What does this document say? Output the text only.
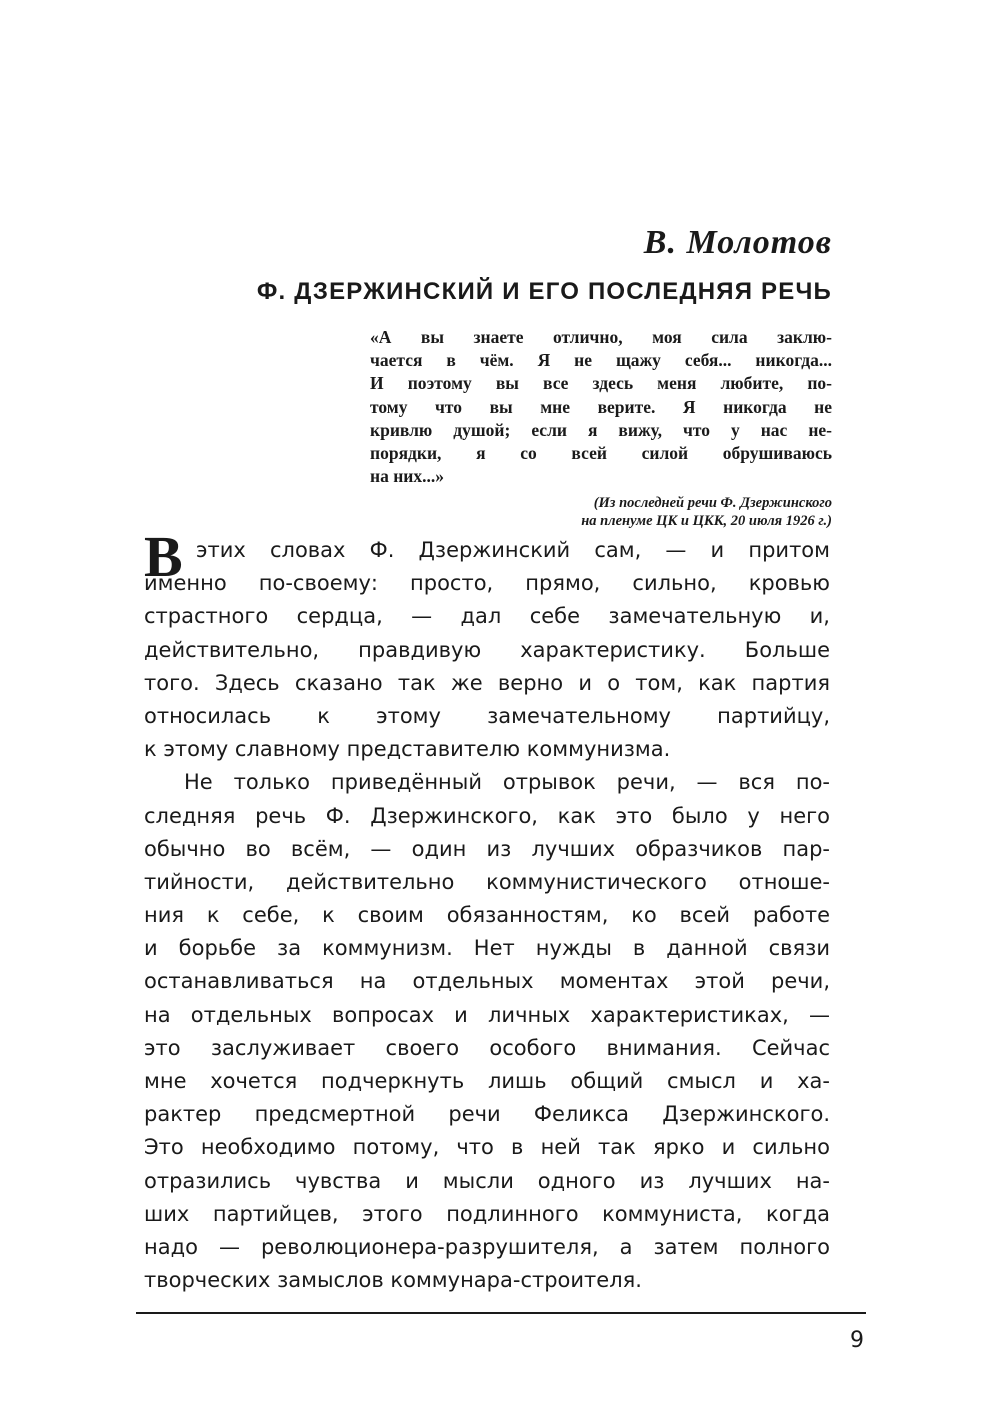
В. Молотов
Ф. ДЗЕРЖИНСКИЙ И ЕГО ПОСЛЕДНЯЯ РЕЧЬ
«А вы знаете отлично, моя сила заклю-
чается в чём. Я не щажу себя... никогда...
И поэтому вы все здесь меня любите, по-
тому что вы мне верите. Я никогда не
кривлю душой; если я вижу, что у нас не-
порядки, я со всей силой обрушиваюсь
на них...»
(Из последней речи Ф. Дзержинского
на пленуме ЦК и ЦКК, 20 июля 1926 г.)
В этих словах Ф. Дзержинский сам, — и притом
именно по-своему: просто, прямо, сильно, кровью
страстного сердца, — дал себе замечательную и,
действительно, правдивую характеристику. Больше
того. Здесь сказано так же верно и о том, как партия
относилась к этому замечательному партийцу,
к этому славному представителю коммунизма.
Не только приведённый отрывок речи, — вся по-
следняя речь Ф. Дзержинского, как это было у него
обычно во всём, — один из лучших образчиков пар-
тийности, действительно коммунистического отноше-
ния к себе, к своим обязанностям, ко всей работе
и борьбе за коммунизм. Нет нужды в данной связи
останавливаться на отдельных моментах этой речи,
на отдельных вопросах и личных характеристиках, —
это заслуживает своего особого внимания. Сейчас
мне хочется подчеркнуть лишь общий смысл и ха-
рактер предсмертной речи Феликса Дзержинского.
Это необходимо потому, что в ней так ярко и сильно
отразились чувства и мысли одного из лучших на-
ших партийцев, этого подлинного коммуниста, когда
надо — революционера-разрушителя, а затем полного
творческих замыслов коммунара-строителя.
9
